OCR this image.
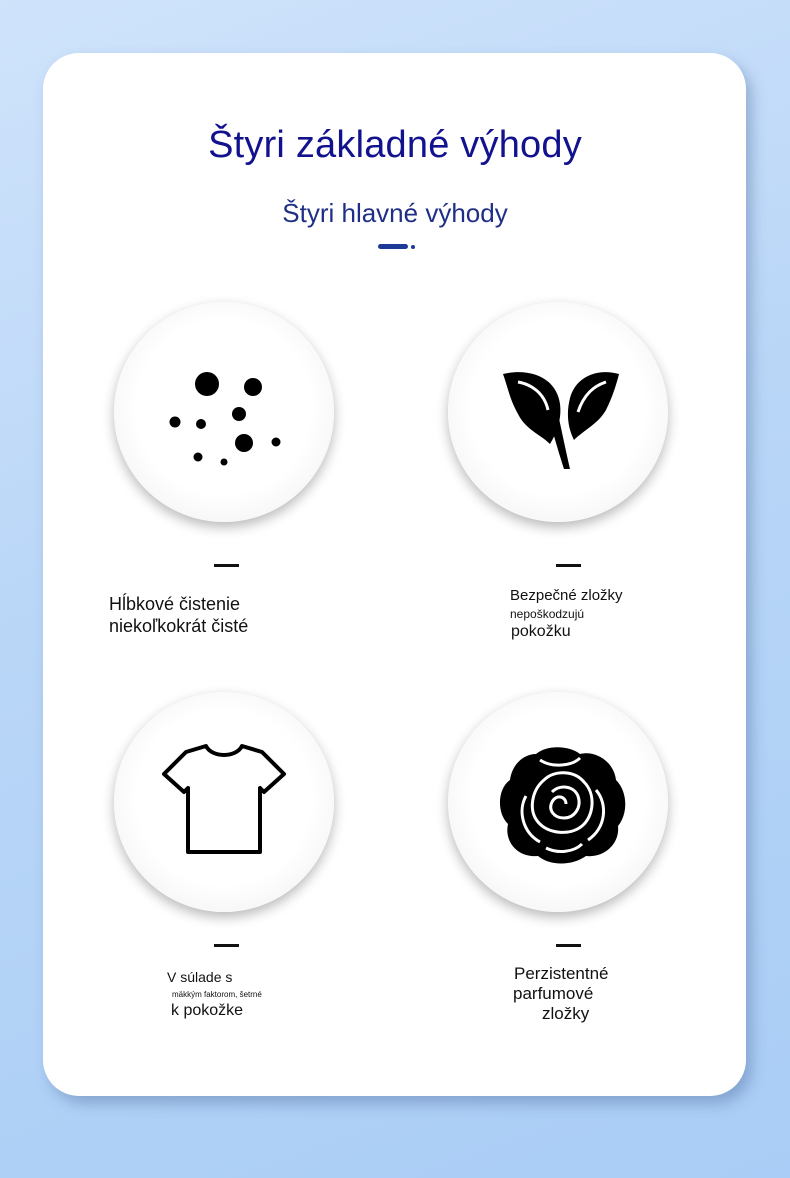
Štyri základné výhody
Štyri hlavné výhody
Hĺbkové čistenie
niekoľkokrát čisté
Bezpečné zložky
nepoškodzujú
pokožku
V súlade s
mäkkým faktorom, šetrné
k pokožke
Perzistentné
parfumové
zložky
